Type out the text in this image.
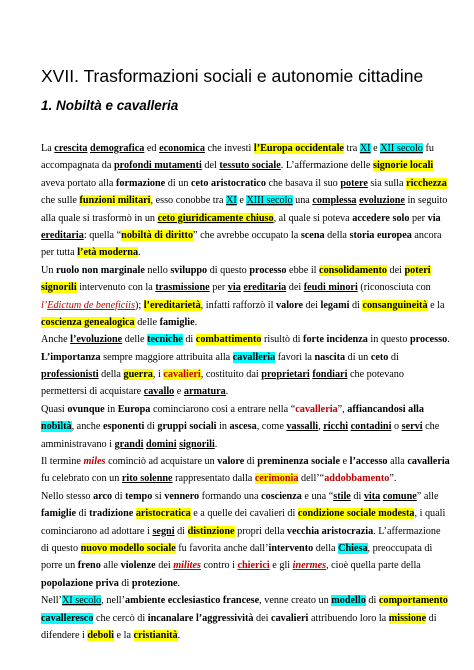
XVII. Trasformazioni sociali e autonomie cittadine
1. Nobiltà e cavalleria
La crescita demografica ed economica che investì l’Europa occidentale tra XI e XII secolo fu
accompagnata da profondi mutamenti del tessuto sociale. L’affermazione delle signorie locali
aveva portato alla formazione di un ceto aristocratico che basava il suo potere sia sulla ricchezza
che sulle funzioni militari, esso conobbe tra XI e XIII secolo una complessa evoluzione in seguito
alla quale si trasformò in un ceto giuridicamente chiuso, al quale si poteva accedere solo per via
ereditaria: quella “nobiltà di diritto” che avrebbe occupato la scena della storia europea ancora
per tutta l’età moderna.
Un ruolo non marginale nello sviluppo di questo processo ebbe il consolidamento dei poteri
signorili intervenuto con la trasmissione per via ereditaria dei feudi minori (riconosciuta con
l’Edictum de beneficiis); l’ereditarietà, infatti rafforzò il valore dei legami di consanguineità e la
coscienza genealogica delle famiglie.
Anche l’evoluzione delle tecniche di combattimento risultò di forte incidenza in questo processo.
L’importanza sempre maggiore attribuita alla cavalleria favorì la nascita di un ceto di
professionisti della guerra, i cavalieri, costituito dai proprietari fondiari che potevano
permettersi di acquistare cavallo e armatura.
Quasi ovunque in Europa cominciarono così a entrare nella “cavalleria”, affiancandosi alla
nobiltà, anche esponenti di gruppi sociali in ascesa, come vassalli, ricchi contadini o servi che
amministravano i grandi domini signorili.
Il termine miles cominciò ad acquistare un valore di preminenza sociale e l’accesso alla cavalleria
fu celebrato con un rito solenne rappresentato dalla cerimonia dell’“addobbamento”.
Nello stesso arco di tempo si vennero formando una coscienza e una “stile di vita comune” alle
famiglie di tradizione aristocratica e a quelle dei cavalieri di condizione sociale modesta, i quali
cominciarono ad adottare i segni di distinzione propri della vecchia aristocrazia. L’affermazione
di questo nuovo modello sociale fu favorita anche dall’intervento della Chiesa, preoccupata di
porre un freno alle violenze dei milites contro i chierici e gli inermes, cioè quella parte della
popolazione priva di protezione.
Nell’XI secolo, nell’ambiente ecclesiastico francese, venne creato un modello di comportamento
cavalleresco che cercò di incanalare l’aggressività dei cavalieri attribuendo loro la missione di
difendere i deboli e la cristianità.
